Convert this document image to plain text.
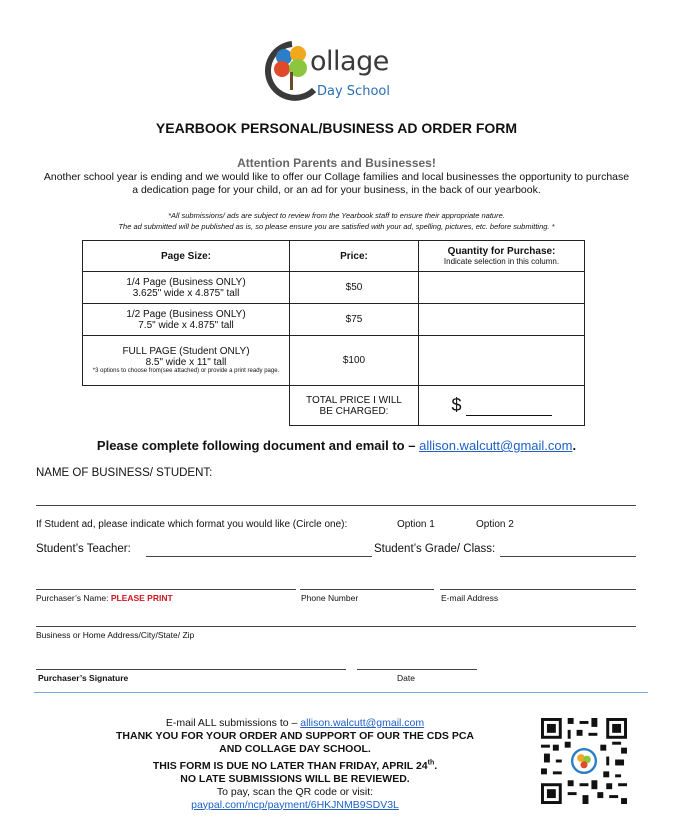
ollage
Day School
YEARBOOK PERSONAL/BUSINESS AD ORDER FORM
Attention Parents and Businesses!
Another school year is ending and we would like to offer our Collage families and local businesses the opportunity to purchase a dedication page for your child, or an ad for your business, in the back of our yearbook.
*All submissions/ ads are subject to review from the Yearbook staff to ensure their appropriate nature.
The ad submitted will be published as is, so please ensure you are satisfied with your ad, spelling, pictures, etc. before submitting. *
Page Size:	Price:	Quantity for Purchase:
Indicate selection in this column.

1/4 Page (Business ONLY)
3.625" wide x 4.875" tall	$50	

1/2 Page (Business ONLY)
7.5" wide x 4.875" tall	$75	

FULL PAGE (Student ONLY)
8.5" wide x 11" tall
*3 options to choose from(see attached) or provide a print ready page.	$100	
	TOTAL PRICE I WILL BE CHARGED:	$
Please complete following document and email to – allison.walcutt@gmail.com.
NAME OF BUSINESS/ STUDENT:
If Student ad, please indicate which format you would like (Circle one):	Option 1	Option 2
Student’s Teacher:	Student’s Grade/ Class:
Purchaser’s Name: PLEASE PRINT	Phone Number	E-mail Address
Business or Home Address/City/State/ Zip
Purchaser’s Signature	Date
E-mail ALL submissions to – allison.walcutt@gmail.com
THANK YOU FOR YOUR ORDER AND SUPPORT OF OUR THE CDS PCA
AND COLLAGE DAY SCHOOL.
THIS FORM IS DUE NO LATER THAN FRIDAY, APRIL 24th.
NO LATE SUBMISSIONS WILL BE REVIEWED.
To pay, scan the QR code or visit:
paypal.com/ncp/payment/6HKJNMB9SDV3L
